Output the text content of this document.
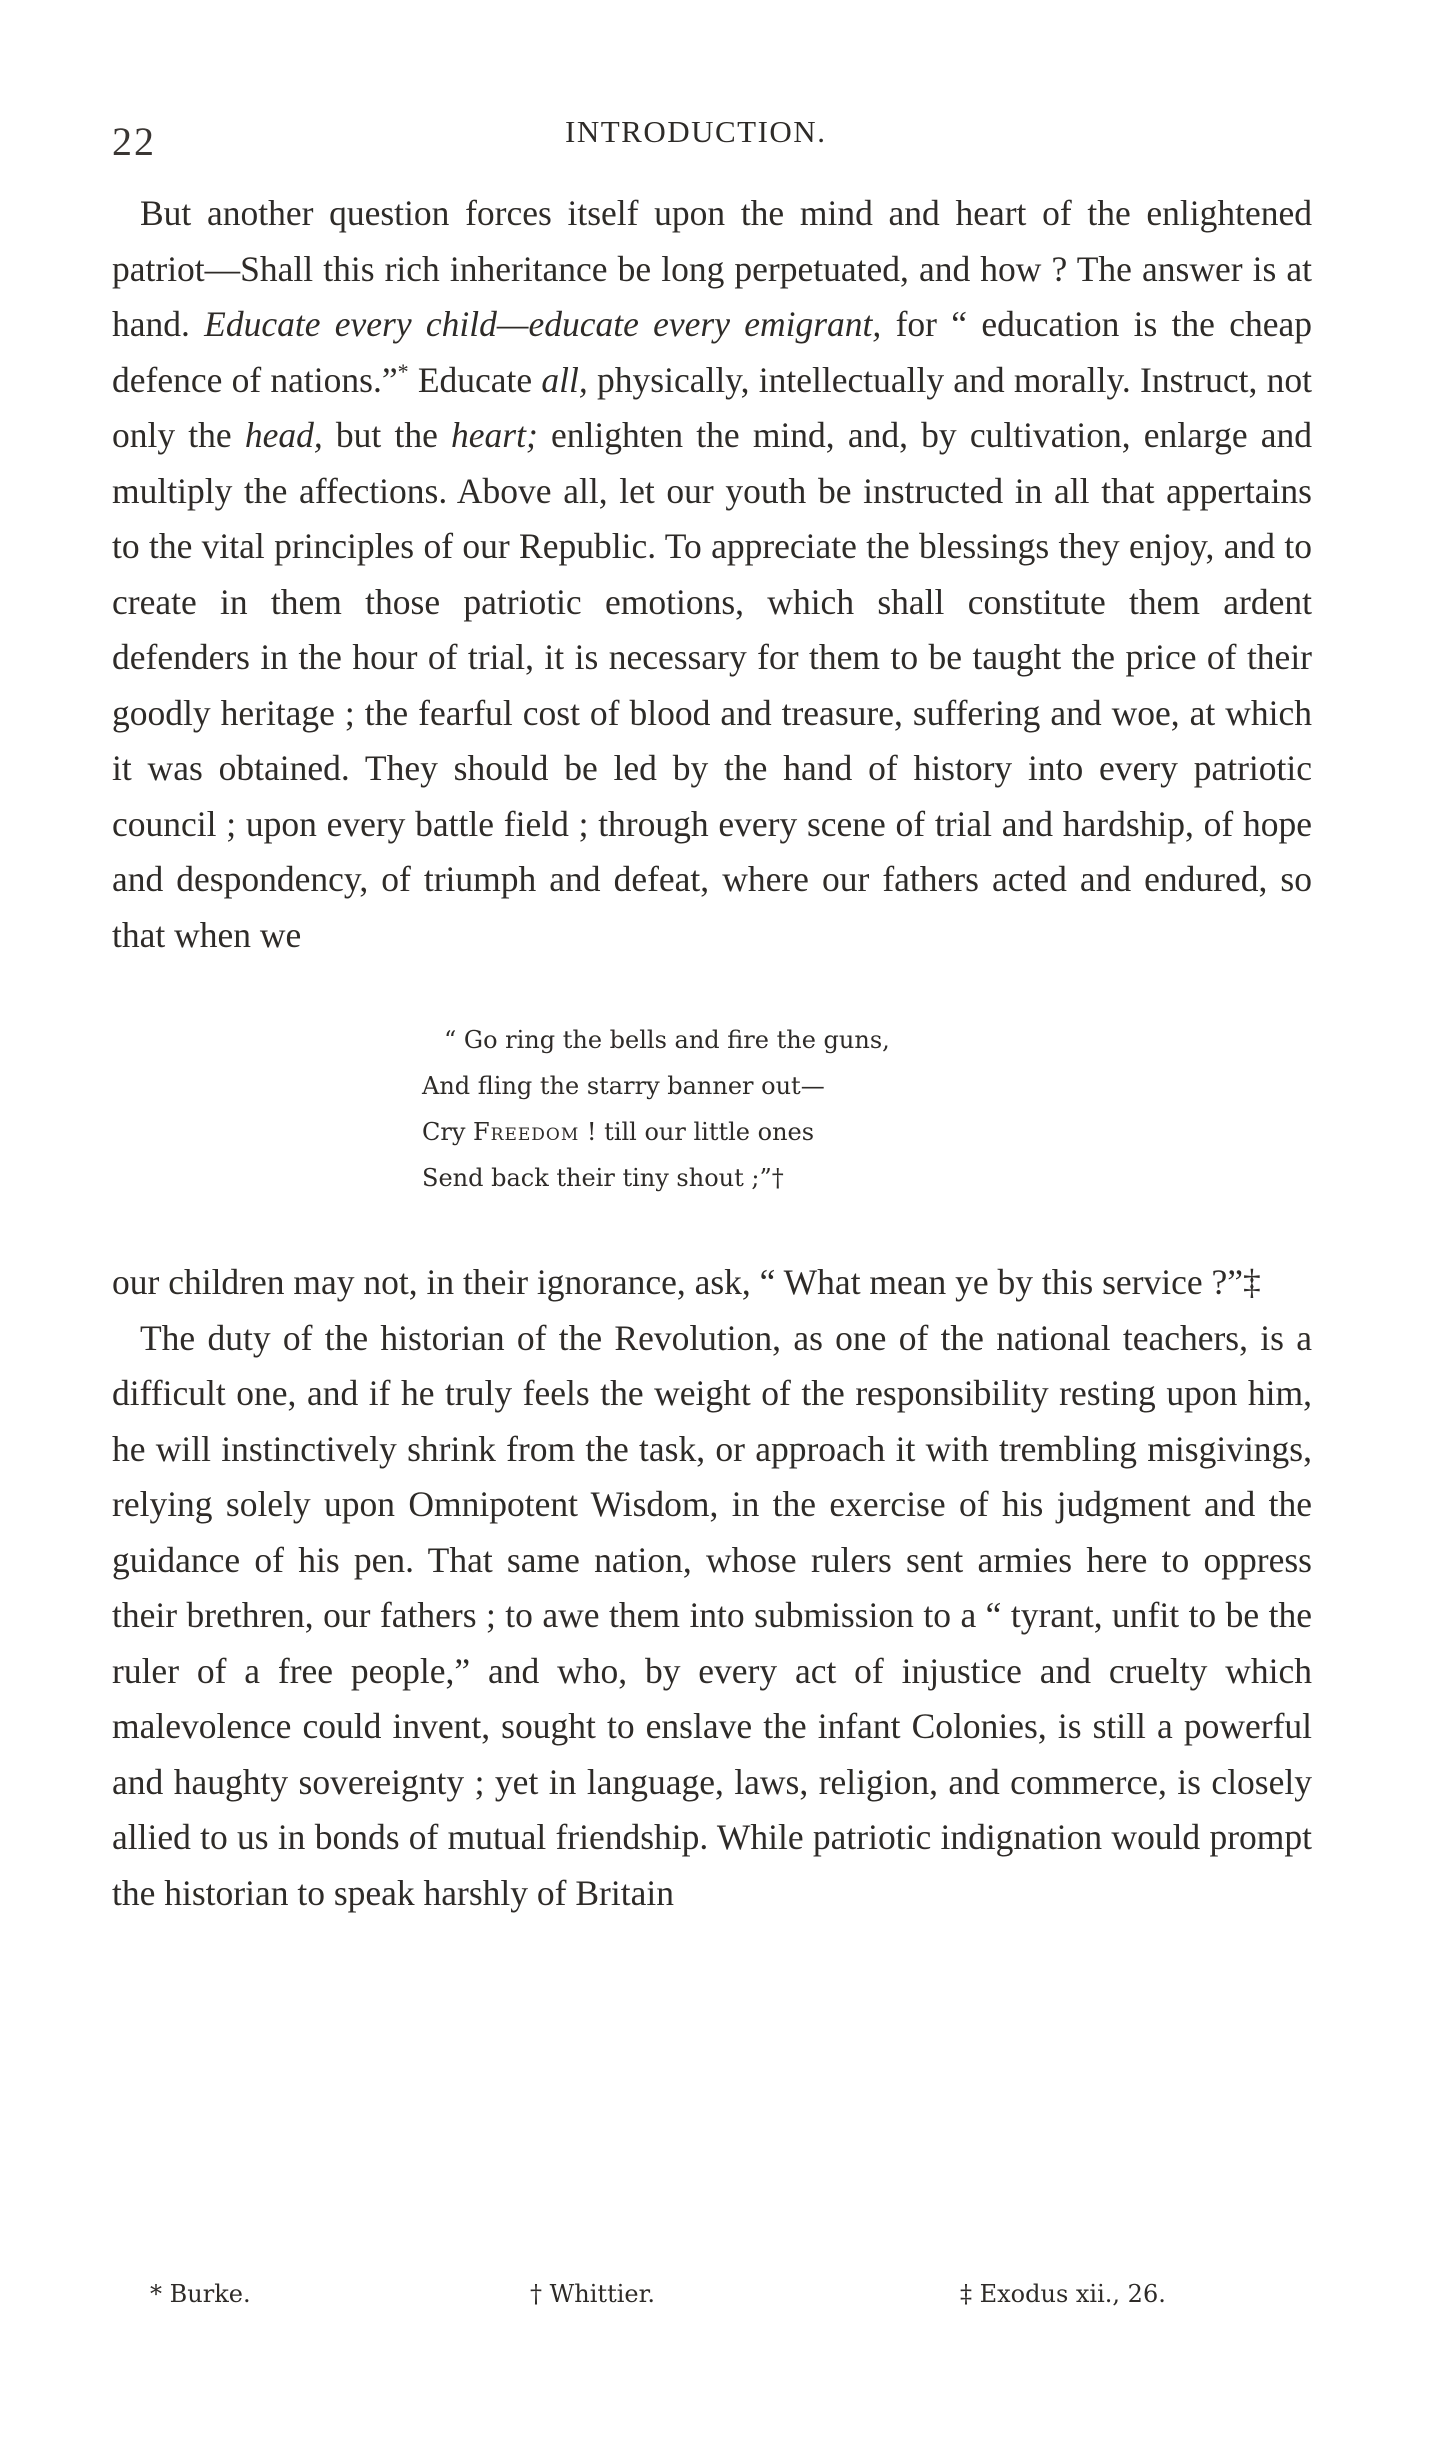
22	INTRODUCTION.

But another question forces itself upon the mind and heart of the enlightened patriot—Shall this rich inheritance be long perpetuated, and how ? The answer is at hand. Educate every child—educate every emigrant, for “ education is the cheap defence of nations.”* Educate all, physically, intellectually and morally. Instruct, not only the head, but the heart; enlighten the mind, and, by cultivation, enlarge and multiply the affections. Above all, let our youth be instructed in all that appertains to the vital principles of our Republic. To appreciate the blessings they enjoy, and to create in them those patriotic emotions, which shall constitute them ardent defenders in the hour of trial, it is necessary for them to be taught the price of their goodly heritage ; the fearful cost of blood and treasure, suffering and woe, at which it was obtained. They should be led by the hand of history into every patriotic council ; upon every battle field ; through every scene of trial and hardship, of hope and despondency, of triumph and defeat, where our fathers acted and endured, so that when we

“ Go ring the bells and fire the guns,
And fling the starry banner out—
Cry Freedom ! till our little ones
Send back their tiny shout ;”†

our children may not, in their ignorance, ask, “ What mean ye by this service ?”‡

The duty of the historian of the Revolution, as one of the national teachers, is a difficult one, and if he truly feels the weight of the responsibility resting upon him, he will instinctively shrink from the task, or approach it with trembling misgivings, relying solely upon Omnipotent Wisdom, in the exercise of his judgment and the guidance of his pen. That same nation, whose rulers sent armies here to oppress their brethren, our fathers ; to awe them into submission to a “ tyrant, unfit to be the ruler of a free people,” and who, by every act of injustice and cruelty which malevolence could invent, sought to enslave the infant Colonies, is still a powerful and haughty sovereignty ; yet in language, laws, religion, and commerce, is closely allied to us in bonds of mutual friendship. While patriotic indignation would prompt the historian to speak harshly of Britain

* Burke.	† Whittier.	‡ Exodus xii., 26.
